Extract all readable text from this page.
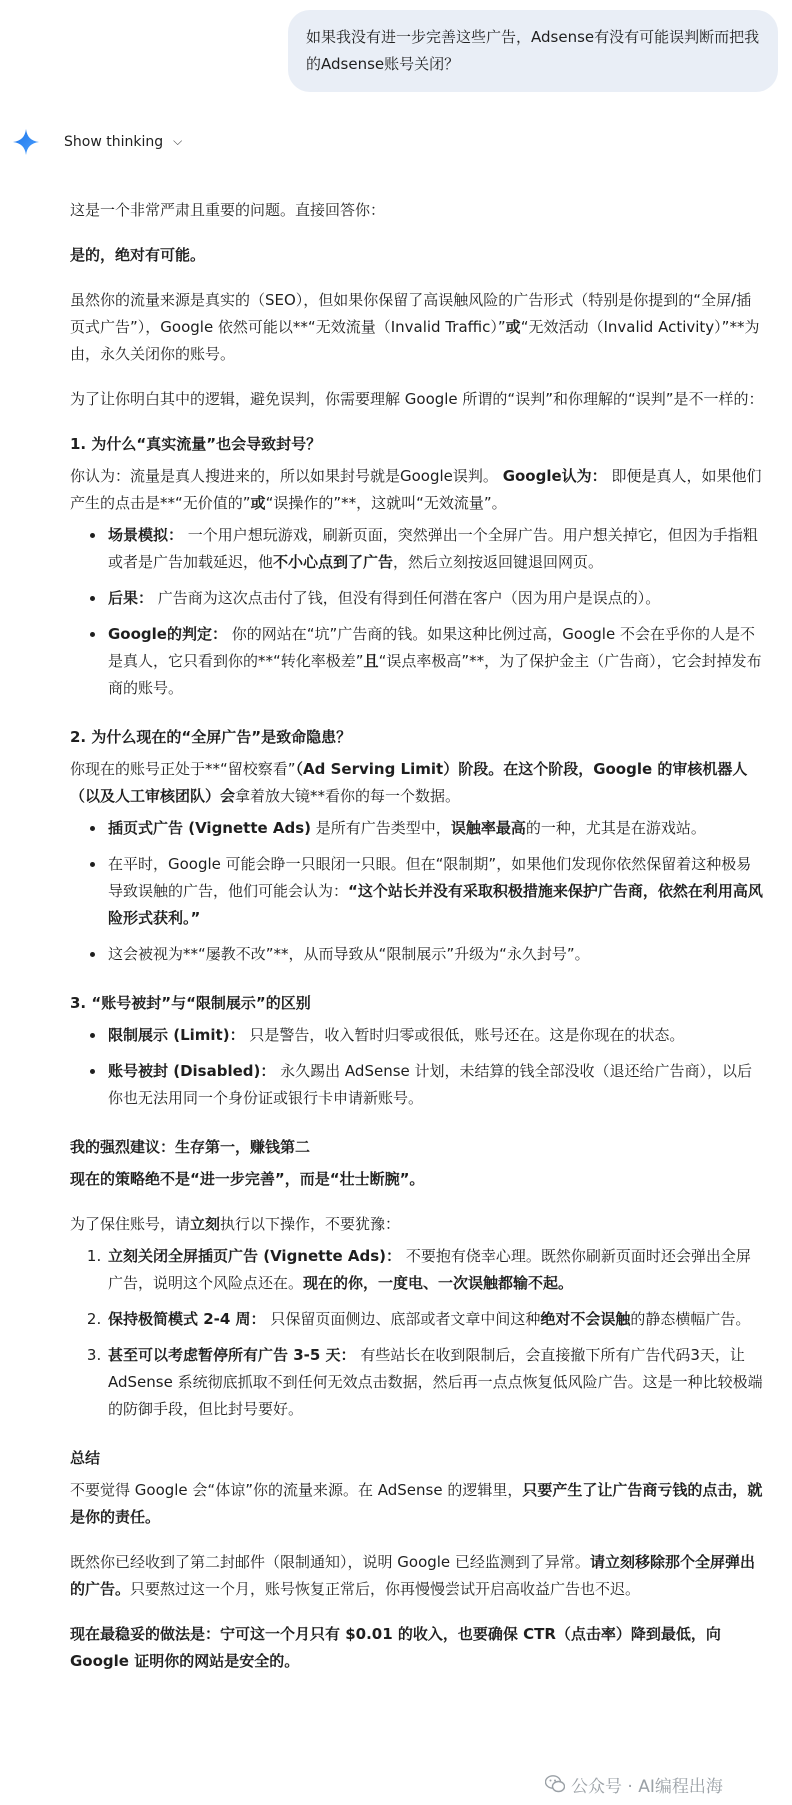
如果我没有进一步完善这些广告，Adsense有没有可能误判断而把我的Adsense账号关闭？
Show thinking ⌵

这是一个非常严肃且重要的问题。直接回答你：

是的，绝对有可能。

虽然你的流量来源是真实的（SEO），但如果你保留了高误触风险的广告形式（特别是你提到的“全屏/插页式广告”），Google 依然可能以**“无效流量（Invalid Traffic）”或“无效活动（Invalid Activity）”**为由，永久关闭你的账号。

为了让你明白其中的逻辑，避免误判，你需要理解 Google 所谓的“误判”和你理解的“误判”是不一样的：

1. 为什么“真实流量”也会导致封号？

你认为：流量是真人搜进来的，所以如果封号就是Google误判。 Google认为： 即便是真人，如果他们产生的点击是**“无价值的”或“误操作的”**，这就叫“无效流量”。

• 场景模拟： 一个用户想玩游戏，刷新页面，突然弹出一个全屏广告。用户想关掉它，但因为手指粗或者是广告加载延迟，他不小心点到了广告，然后立刻按返回键退回网页。
• 后果： 广告商为这次点击付了钱，但没有得到任何潜在客户（因为用户是误点的）。
• Google的判定： 你的网站在“坑”广告商的钱。如果这种比例过高，Google 不会在乎你的人是不是真人，它只看到你的**“转化率极差”且“误点率极高”**，为了保护金主（广告商），它会封掉发布商的账号。

2. 为什么现在的“全屏广告”是致命隐患？

你现在的账号正处于**“留校察看”（Ad Serving Limit）阶段。在这个阶段，Google 的审核机器人（以及人工审核团队）会拿着放大镜**看你的每一个数据。

• 插页式广告 (Vignette Ads) 是所有广告类型中，误触率最高的一种，尤其是在游戏站。
• 在平时，Google 可能会睁一只眼闭一只眼。但在“限制期”，如果他们发现你依然保留着这种极易导致误触的广告，他们可能会认为：“这个站长并没有采取积极措施来保护广告商，依然在利用高风险形式获利。”
• 这会被视为**“屡教不改”**，从而导致从“限制展示”升级为“永久封号”。

3. “账号被封”与“限制展示”的区别

• 限制展示 (Limit)： 只是警告，收入暂时归零或很低，账号还在。这是你现在的状态。
• 账号被封 (Disabled)： 永久踢出 AdSense 计划，未结算的钱全部没收（退还给广告商），以后你也无法用同一个身份证或银行卡申请新账号。

我的强烈建议：生存第一，赚钱第二

现在的策略绝不是“进一步完善”，而是“壮士断腕”。

为了保住账号，请立刻执行以下操作，不要犹豫：

1. 立刻关闭全屏插页广告 (Vignette Ads)： 不要抱有侥幸心理。既然你刷新页面时还会弹出全屏广告，说明这个风险点还在。现在的你，一度电、一次误触都输不起。
2. 保持极简模式 2-4 周： 只保留页面侧边、底部或者文章中间这种绝对不会误触的静态横幅广告。
3. 甚至可以考虑暂停所有广告 3-5 天： 有些站长在收到限制后，会直接撤下所有广告代码3天，让 AdSense 系统彻底抓取不到任何无效点击数据，然后再一点点恢复低风险广告。这是一种比较极端的防御手段，但比封号要好。

总结

不要觉得 Google 会“体谅”你的流量来源。在 AdSense 的逻辑里，只要产生了让广告商亏钱的点击，就是你的责任。

既然你已经收到了第二封邮件（限制通知），说明 Google 已经监测到了异常。请立刻移除那个全屏弹出的广告。只要熬过这一个月，账号恢复正常后，你再慢慢尝试开启高收益广告也不迟。

现在最稳妥的做法是：宁可这一个月只有 $0.01 的收入，也要确保 CTR（点击率）降到最低，向 Google 证明你的网站是安全的。

公众号 · AI编程出海
